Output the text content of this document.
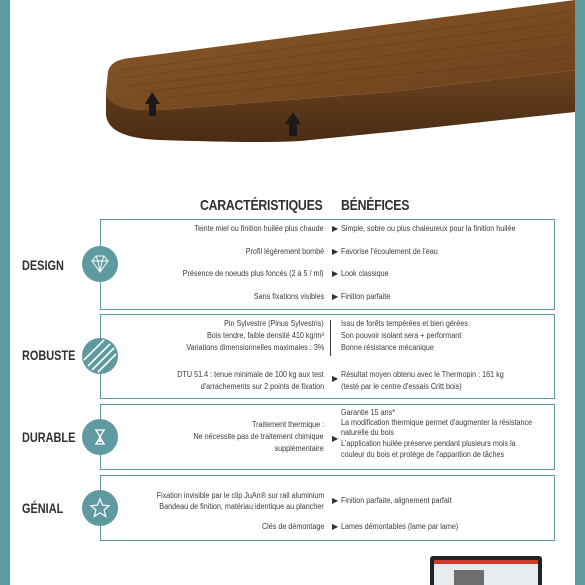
CARACTÉRISTIQUES BÉNÉFICES
DESIGN
Teinte miel ou finition huilée plus chaude ▶ Simple, sobre ou plus chaleureux pour la finition huilée
Profil légèrement bombé ▶ Favorise l'écoulement de l'eau
Présence de noeuds plus foncés (2 à 5 / ml) ▶ Look classique
Sans fixations visibles ▶ Finition parfaite
ROBUSTE
Pin Sylvestre (Pinus Sylvestris)
Bois tendre, faible densité 410 kg/m³
Variations dimensionnelles maximales : 3%
Issu de forêts tempérées et bien gérées
Son pouvoir isolant sera + performant
Bonne résistance mécanique
DTU 51.4 : tenue minimale de 100 kg aux test
d'arrachements sur 2 points de fixation
▶ Résultat moyen obtenu avec le Thermopin : 161 kg
(testé par le centre d'essais Critt bois)
DURABLE
Traitement thermique :
Ne nécessite pas de traitement chimique
supplémentaire
▶
Garantie 15 ans*
La modification thermique permet d'augmenter la résistance
naturelle du bois
L'application huilée préserve pendant plusieurs mois la
couleur du bois et protège de l'apparition de tâches
GÉNIAL
Fixation invisible par le clip JuAn® sur rail aluminium
Bandeau de finition, matériau identique au plancher
▶ Finition parfaite, alignement parfait
Clés de démontage ▶ Lames démontables (lame par lame)
